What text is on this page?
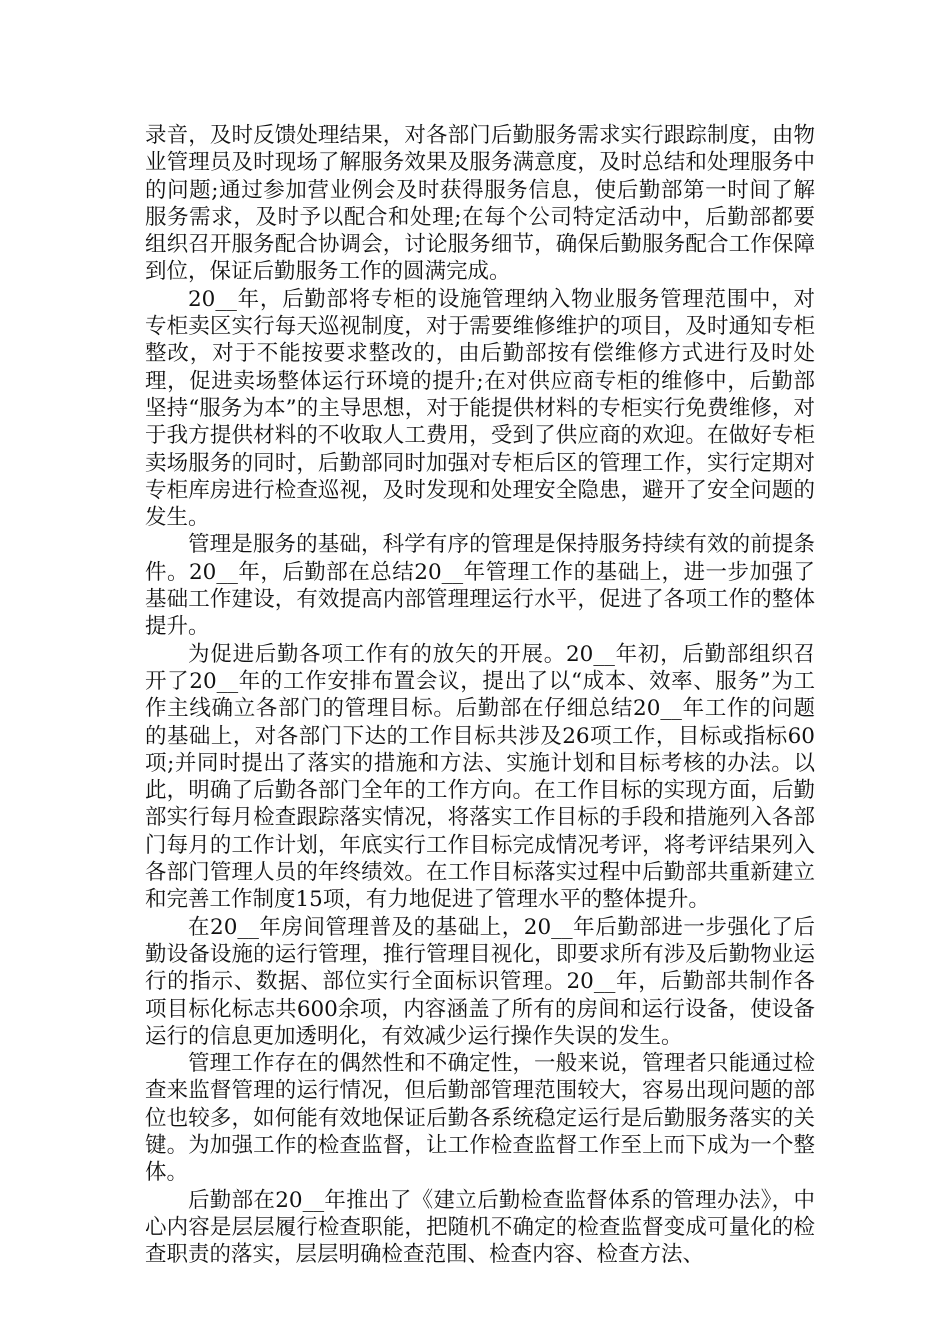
录音，及时反馈处理结果，对各部门后勤服务需求实行跟踪制度，由物业管理员及时现场了解服务效果及服务满意度，及时总结和处理服务中的问题;通过参加营业例会及时获得服务信息，使后勤部第一时间了解服务需求，及时予以配合和处理;在每个公司特定活动中，后勤部都要组织召开服务配合协调会，讨论服务细节，确保后勤服务配合工作保障到位，保证后勤服务工作的圆满完成。

20__年，后勤部将专柜的设施管理纳入物业服务管理范围中，对专柜卖区实行每天巡视制度，对于需要维修维护的项目，及时通知专柜整改，对于不能按要求整改的，由后勤部按有偿维修方式进行及时处理，促进卖场整体运行环境的提升;在对供应商专柜的维修中，后勤部坚持“服务为本”的主导思想，对于能提供材料的专柜实行免费维修，对于我方提供材料的不收取人工费用，受到了供应商的欢迎。在做好专柜卖场服务的同时，后勤部同时加强对专柜后区的管理工作，实行定期对专柜库房进行检查巡视，及时发现和处理安全隐患，避开了安全问题的发生。

管理是服务的基础，科学有序的管理是保持服务持续有效的前提条件。20__年，后勤部在总结20__年管理工作的基础上，进一步加强了基础工作建设，有效提高内部管理理运行水平，促进了各项工作的整体提升。

为促进后勤各项工作有的放矢的开展。20__年初，后勤部组织召开了20__年的工作安排布置会议，提出了以“成本、效率、服务”为工作主线确立各部门的管理目标。后勤部在仔细总结20__年工作的问题的基础上，对各部门下达的工作目标共涉及26项工作，目标或指标60项;并同时提出了落实的措施和方法、实施计划和目标考核的办法。以此，明确了后勤各部门全年的工作方向。在工作目标的实现方面，后勤部实行每月检查跟踪落实情况，将落实工作目标的手段和措施列入各部门每月的工作计划，年底实行工作目标完成情况考评，将考评结果列入各部门管理人员的年终绩效。在工作目标落实过程中后勤部共重新建立和完善工作制度15项，有力地促进了管理水平的整体提升。

在20__年房间管理普及的基础上，20__年后勤部进一步强化了后勤设备设施的运行管理，推行管理目视化，即要求所有涉及后勤物业运行的指示、数据、部位实行全面标识管理。20__年，后勤部共制作各项目标化标志共600余项，内容涵盖了所有的房间和运行设备，使设备运行的信息更加透明化，有效减少运行操作失误的发生。

管理工作存在的偶然性和不确定性，一般来说，管理者只能通过检查来监督管理的运行情况，但后勤部管理范围较大，容易出现问题的部位也较多，如何能有效地保证后勤各系统稳定运行是后勤服务落实的关键。为加强工作的检查监督，让工作检查监督工作至上而下成为一个整体。

后勤部在20__年推出了《建立后勤检查监督体系的管理办法》，中心内容是层层履行检查职能，把随机不确定的检查监督变成可量化的检查职责的落实，层层明确检查范围、检查内容、检查方法、
